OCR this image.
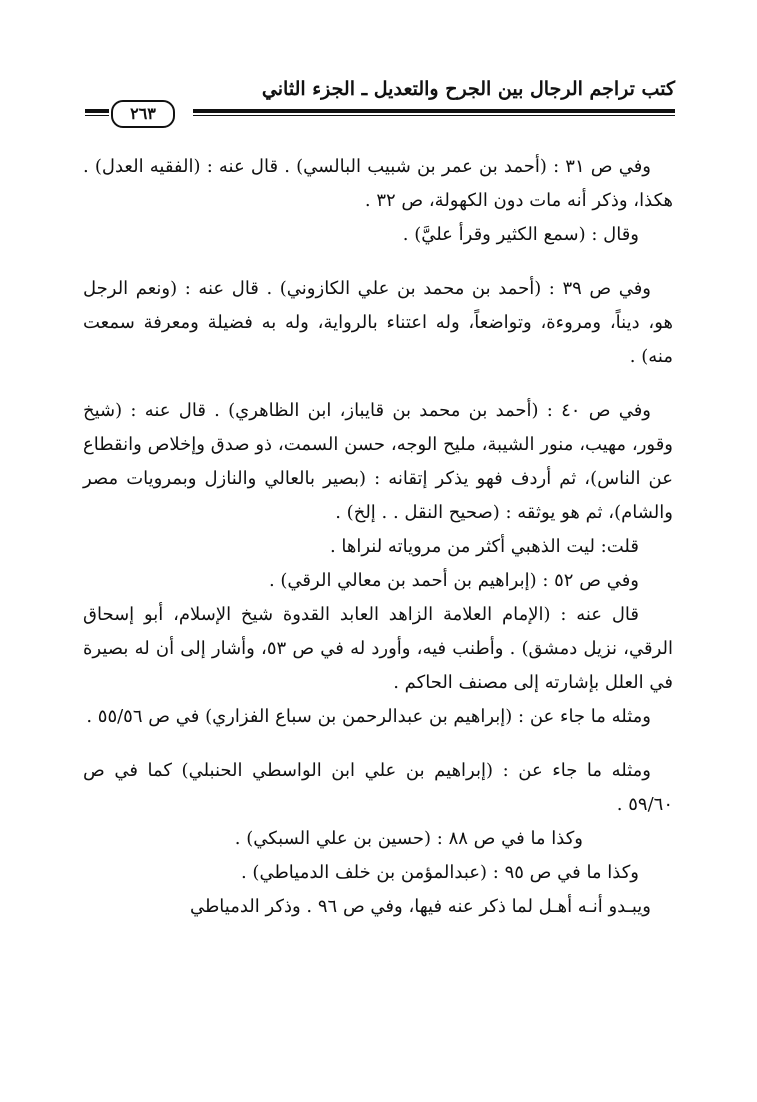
كتب تراجم الرجال بين الجرح والتعديل ـ الجزء الثاني
٢٦٣

وفي ص ٣١ : (أحمد بن عمر بن شبيب البالسي) . قال عنه : (الفقيه العدل) . هكذا، وذكر أنه مات دون الكهولة، ص ٣٢ .

وقال : (سمع الكثير وقرأ عليَّ) .

وفي ص ٣٩ : (أحمد بن محمد بن علي الكازوني) . قال عنه : (ونعم الرجل هو، ديناً، ومروءة، وتواضعاً، وله اعتناء بالرواية، وله به فضيلة ومعرفة سمعت منه) .

وفي ص ٤٠ : (أحمد بن محمد بن قايباز، ابن الظاهري) . قال عنه : (شيخ وقور، مهيب، منور الشيبة، مليح الوجه، حسن السمت، ذو صدق وإخلاص وانقطاع عن الناس)، ثم أردف فهو يذكر إتقانه : (بصير بالعالي والنازل وبمرويات مصر والشام)، ثم هو يوثقه : (صحيح النقل . . إلخ) .

قلت: ليت الذهبي أكثر من مروياته لنراها .

وفي ص ٥٢ : (إبراهيم بن أحمد بن معالي الرقي) .

قال عنه : (الإمام العلامة الزاهد العابد القدوة شيخ الإسلام، أبو إسحاق الرقي، نزيل دمشق) . وأطنب فيه، وأورد له في ص ٥٣، وأشار إلى أن له بصيرة في العلل بإشارته إلى مصنف الحاكم .

ومثله ما جاء عن : (إبراهيم بن عبدالرحمن بن سباع الفزاري) في ص ٥٥/٥٦ .

ومثله ما جاء عن : (إبراهيم بن علي ابن الواسطي الحنبلي) كما في ص ٥٩/٦٠ .

وكذا ما في ص ٨٨ : (حسين بن علي السبكي) .

وكذا ما في ص ٩٥ : (عبدالمؤمن بن خلف الدمياطي) .

ويبـدو أنـه أهـل لما ذكر عنه فيها، وفي ص ٩٦ . وذكر الدمياطي
